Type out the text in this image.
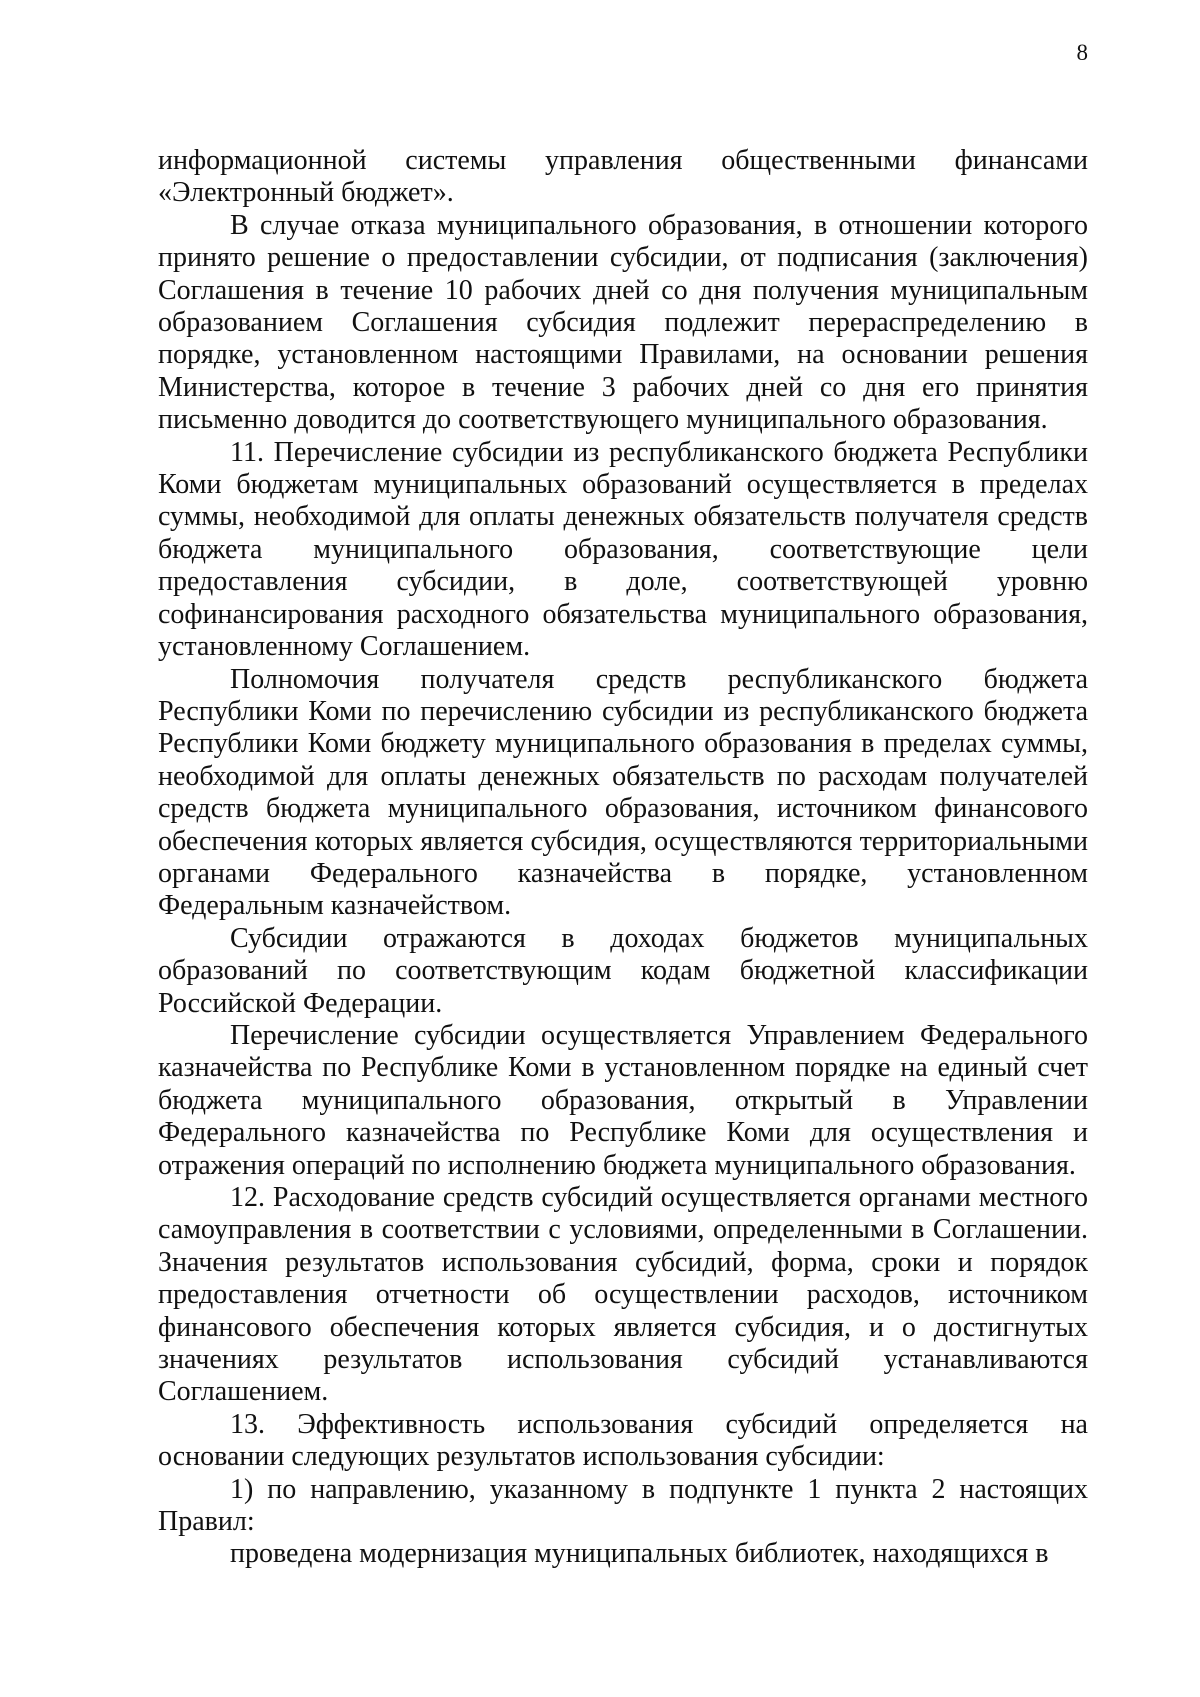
8

информационной системы управления общественными финансами «Электронный бюджет».

В случае отказа муниципального образования, в отношении которого принято решение о предоставлении субсидии, от подписания (заключения) Соглашения в течение 10 рабочих дней со дня получения муниципальным образованием Соглашения субсидия подлежит перераспределению в порядке, установленном настоящими Правилами, на основании решения Министерства, которое в течение 3 рабочих дней со дня его принятия письменно доводится до соответствующего муниципального образования.

11. Перечисление субсидии из республиканского бюджета Республики Коми бюджетам муниципальных образований осуществляется в пределах суммы, необходимой для оплаты денежных обязательств получателя средств бюджета муниципального образования, соответствующие цели предоставления субсидии, в доле, соответствующей уровню софинансирования расходного обязательства муниципального образования, установленному Соглашением.

Полномочия получателя средств республиканского бюджета Республики Коми по перечислению субсидии из республиканского бюджета Республики Коми бюджету муниципального образования в пределах суммы, необходимой для оплаты денежных обязательств по расходам получателей средств бюджета муниципального образования, источником финансового обеспечения которых является субсидия, осуществляются территориальными органами Федерального казначейства в порядке, установленном Федеральным казначейством.

Субсидии отражаются в доходах бюджетов муниципальных образований по соответствующим кодам бюджетной классификации Российской Федерации.

Перечисление субсидии осуществляется Управлением Федерального казначейства по Республике Коми в установленном порядке на единый счет бюджета муниципального образования, открытый в Управлении Федерального казначейства по Республике Коми для осуществления и отражения операций по исполнению бюджета муниципального образования.

12. Расходование средств субсидий осуществляется органами местного самоуправления в соответствии с условиями, определенными в Соглашении. Значения результатов использования субсидий, форма, сроки и порядок предоставления отчетности об осуществлении расходов, источником финансового обеспечения которых является субсидия, и о достигнутых значениях результатов использования субсидий устанавливаются Соглашением.

13. Эффективность использования субсидий определяется на основании следующих результатов использования субсидии:

1) по направлению, указанному в подпункте 1 пункта 2 настоящих Правил:

проведена модернизация муниципальных библиотек, находящихся в
